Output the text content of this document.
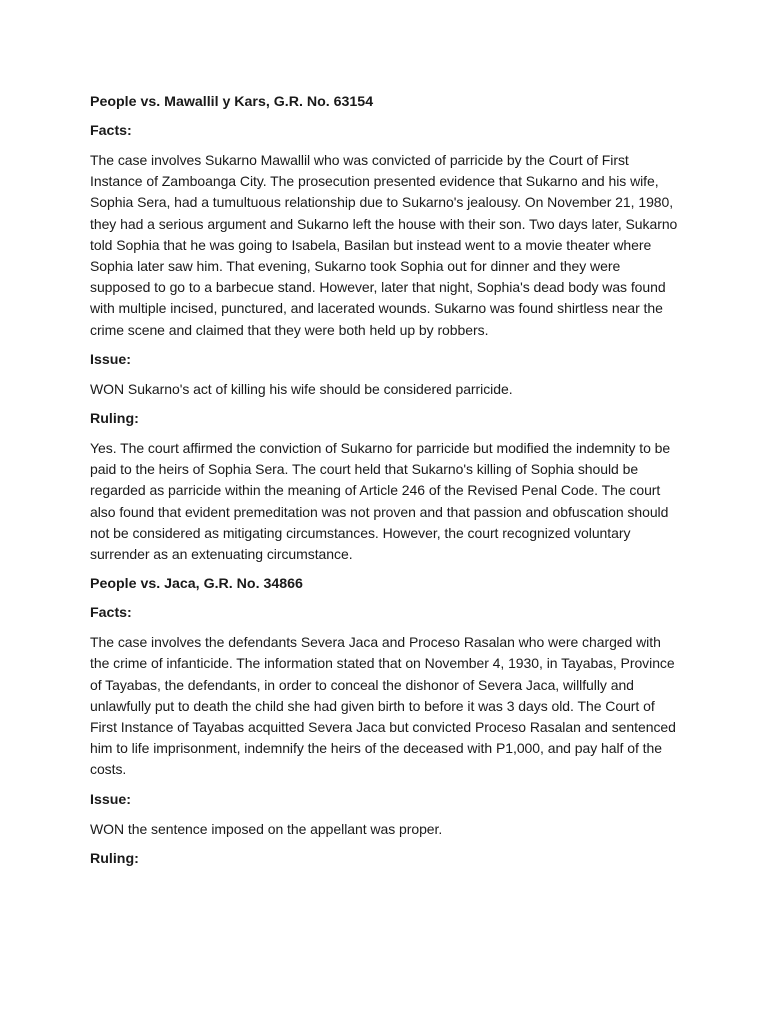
People vs. Mawallil y Kars, G.R. No. 63154
Facts:

The case involves Sukarno Mawallil who was convicted of parricide by the Court of First Instance of Zamboanga City. The prosecution presented evidence that Sukarno and his wife, Sophia Sera, had a tumultuous relationship due to Sukarno's jealousy. On November 21, 1980, they had a serious argument and Sukarno left the house with their son. Two days later, Sukarno told Sophia that he was going to Isabela, Basilan but instead went to a movie theater where Sophia later saw him. That evening, Sukarno took Sophia out for dinner and they were supposed to go to a barbecue stand. However, later that night, Sophia's dead body was found with multiple incised, punctured, and lacerated wounds. Sukarno was found shirtless near the crime scene and claimed that they were both held up by robbers.

Issue:

WON Sukarno's act of killing his wife should be considered parricide.

Ruling:

Yes. The court affirmed the conviction of Sukarno for parricide but modified the indemnity to be paid to the heirs of Sophia Sera. The court held that Sukarno's killing of Sophia should be regarded as parricide within the meaning of Article 246 of the Revised Penal Code. The court also found that evident premeditation was not proven and that passion and obfuscation should not be considered as mitigating circumstances. However, the court recognized voluntary surrender as an extenuating circumstance.

People vs. Jaca, G.R. No. 34866
Facts:

The case involves the defendants Severa Jaca and Proceso Rasalan who were charged with the crime of infanticide. The information stated that on November 4, 1930, in Tayabas, Province of Tayabas, the defendants, in order to conceal the dishonor of Severa Jaca, willfully and unlawfully put to death the child she had given birth to before it was 3 days old. The Court of First Instance of Tayabas acquitted Severa Jaca but convicted Proceso Rasalan and sentenced him to life imprisonment, indemnify the heirs of the deceased with P1,000, and pay half of the costs.

Issue:

WON the sentence imposed on the appellant was proper.

Ruling:
